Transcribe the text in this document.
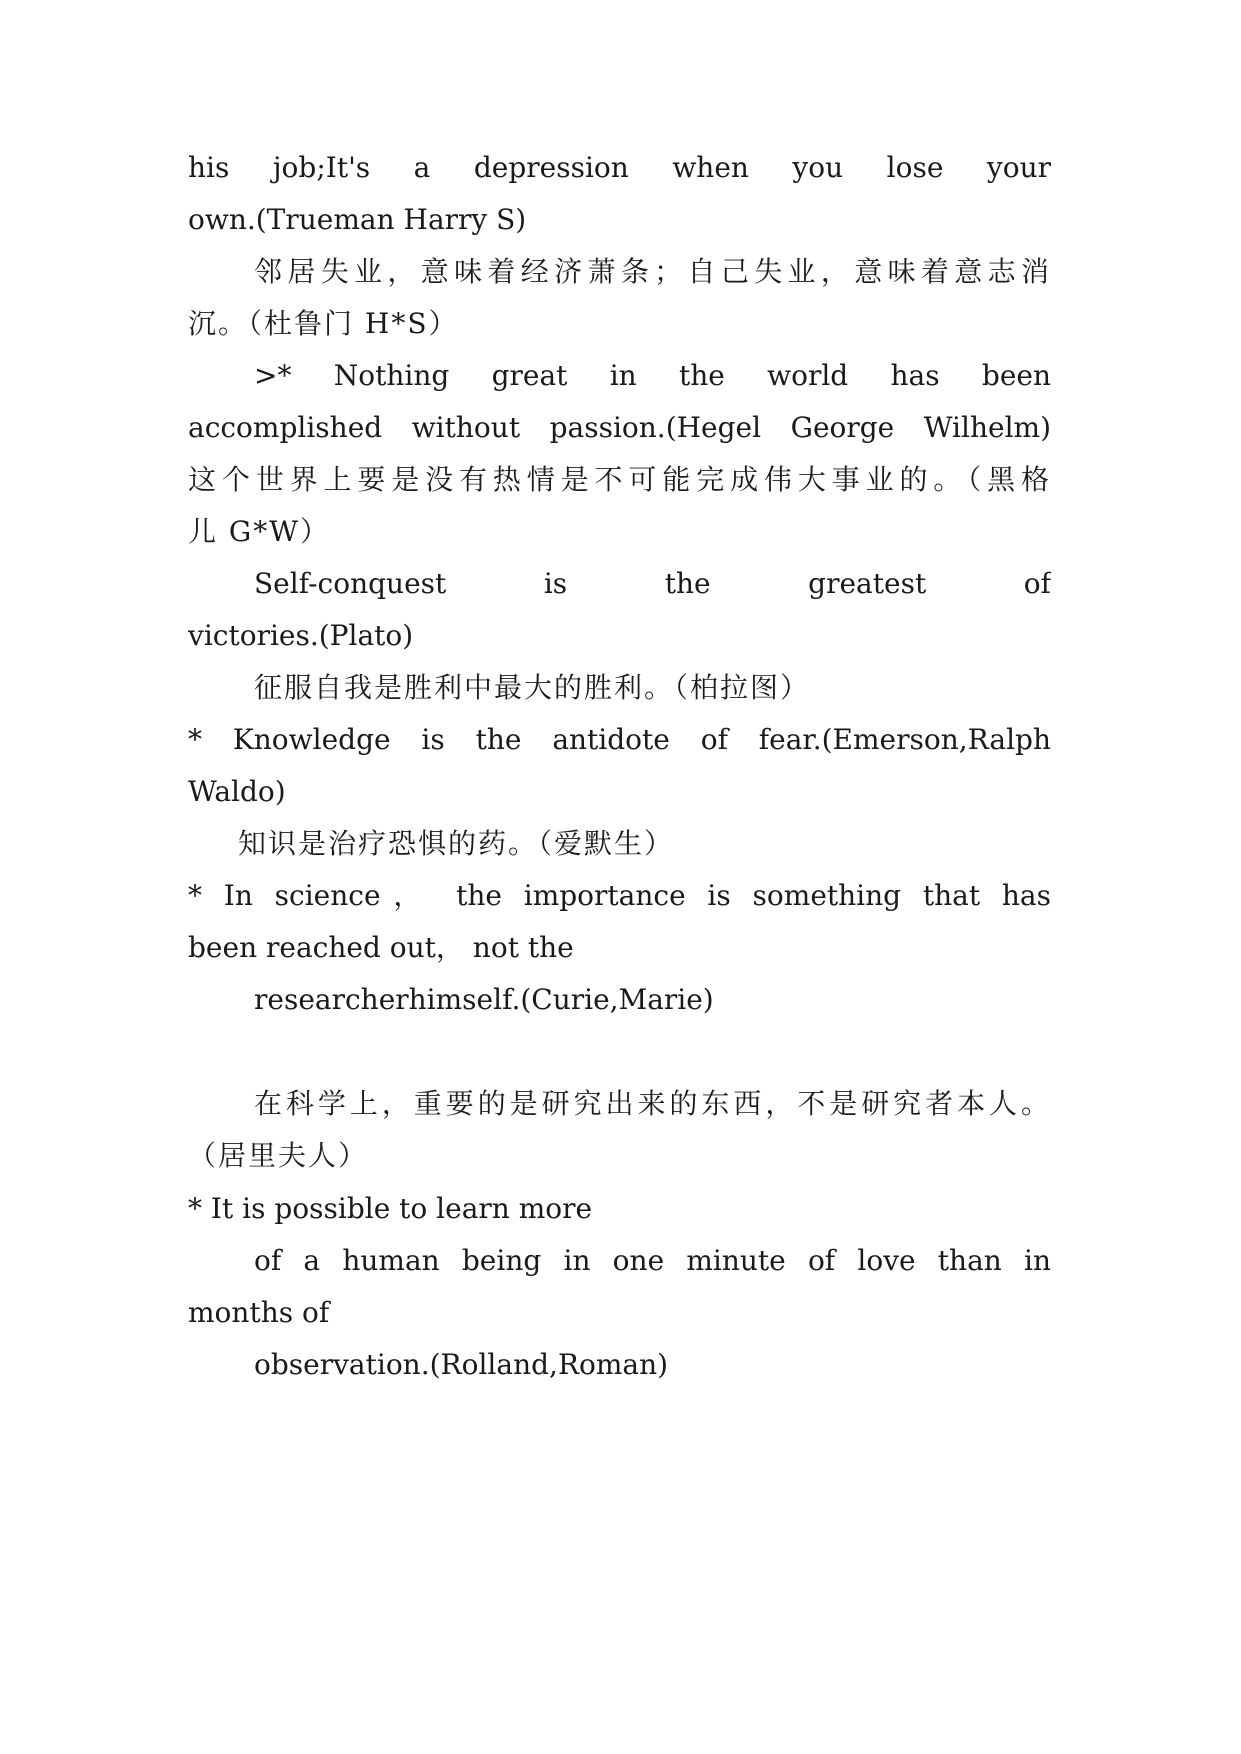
his job;It's a depression when you lose your
own.(Trueman Harry S)
邻居失业，意味着经济萧条；自己失业，意味着意志消
沉。（杜鲁门 H*S）
>* Nothing great in the world has been
accomplished without passion.(Hegel George Wilhelm)
这个世界上要是没有热情是不可能完成伟大事业的。（黑格
儿 G*W）
Self-conquest is the greatest of
victories.(Plato)
征服自我是胜利中最大的胜利。（柏拉图）
* Knowledge is the antidote of fear.(Emerson,Ralph
Waldo)
知识是治疗恐惧的药。（爱默生）
* In science， the importance is something that has
been reached out， not the
researcherhimself.(Curie,Marie)
在科学上，重要的是研究出来的东西，不是研究者本人。
（居里夫人）
* It is possible to learn more
of a human being in one minute of love than in
months of
observation.(Rolland,Roman)
